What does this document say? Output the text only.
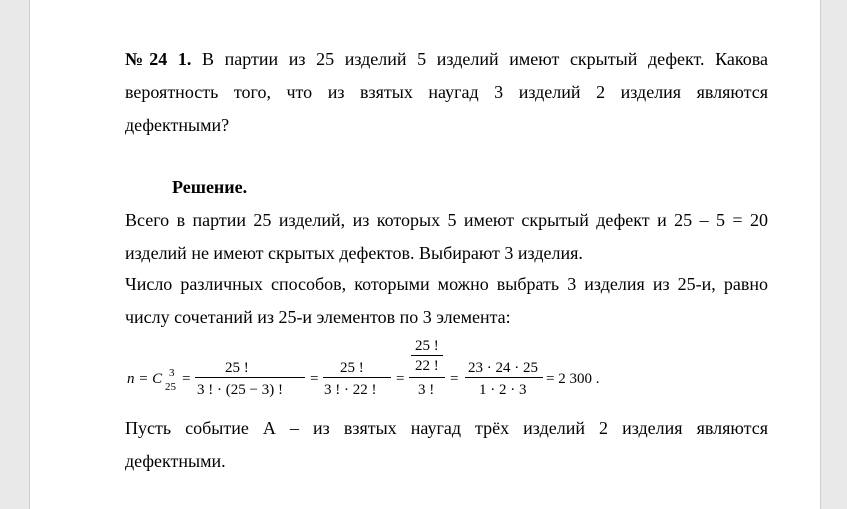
№24 1. В партии из 25 изделий 5 изделий имеют скрытый дефект. Какова
вероятность того, что из взятых наугад 3 изделий 2 изделия являются
дефектными?
Решение.
Всего в партии 25 изделий, из которых 5 имеют скрытый дефект и 25 – 5 = 20
изделий не имеют скрытых дефектов. Выбирают 3 изделия.
Число различных способов, которыми можно выбрать 3 изделия из 25-и, равно
числу сочетаний из 25-и элементов по 3 элемента:
n = C 25
3 =
25 !
3 ! · (25 − 3) !
=
25 !
3 ! · 22 !
=
25 !
22 !
3 !
=
23 · 24 · 25
1 · 2 · 3
= 2 300 .
Пусть событие А – из взятых наугад трёх изделий 2 изделия являются
дефектными.
